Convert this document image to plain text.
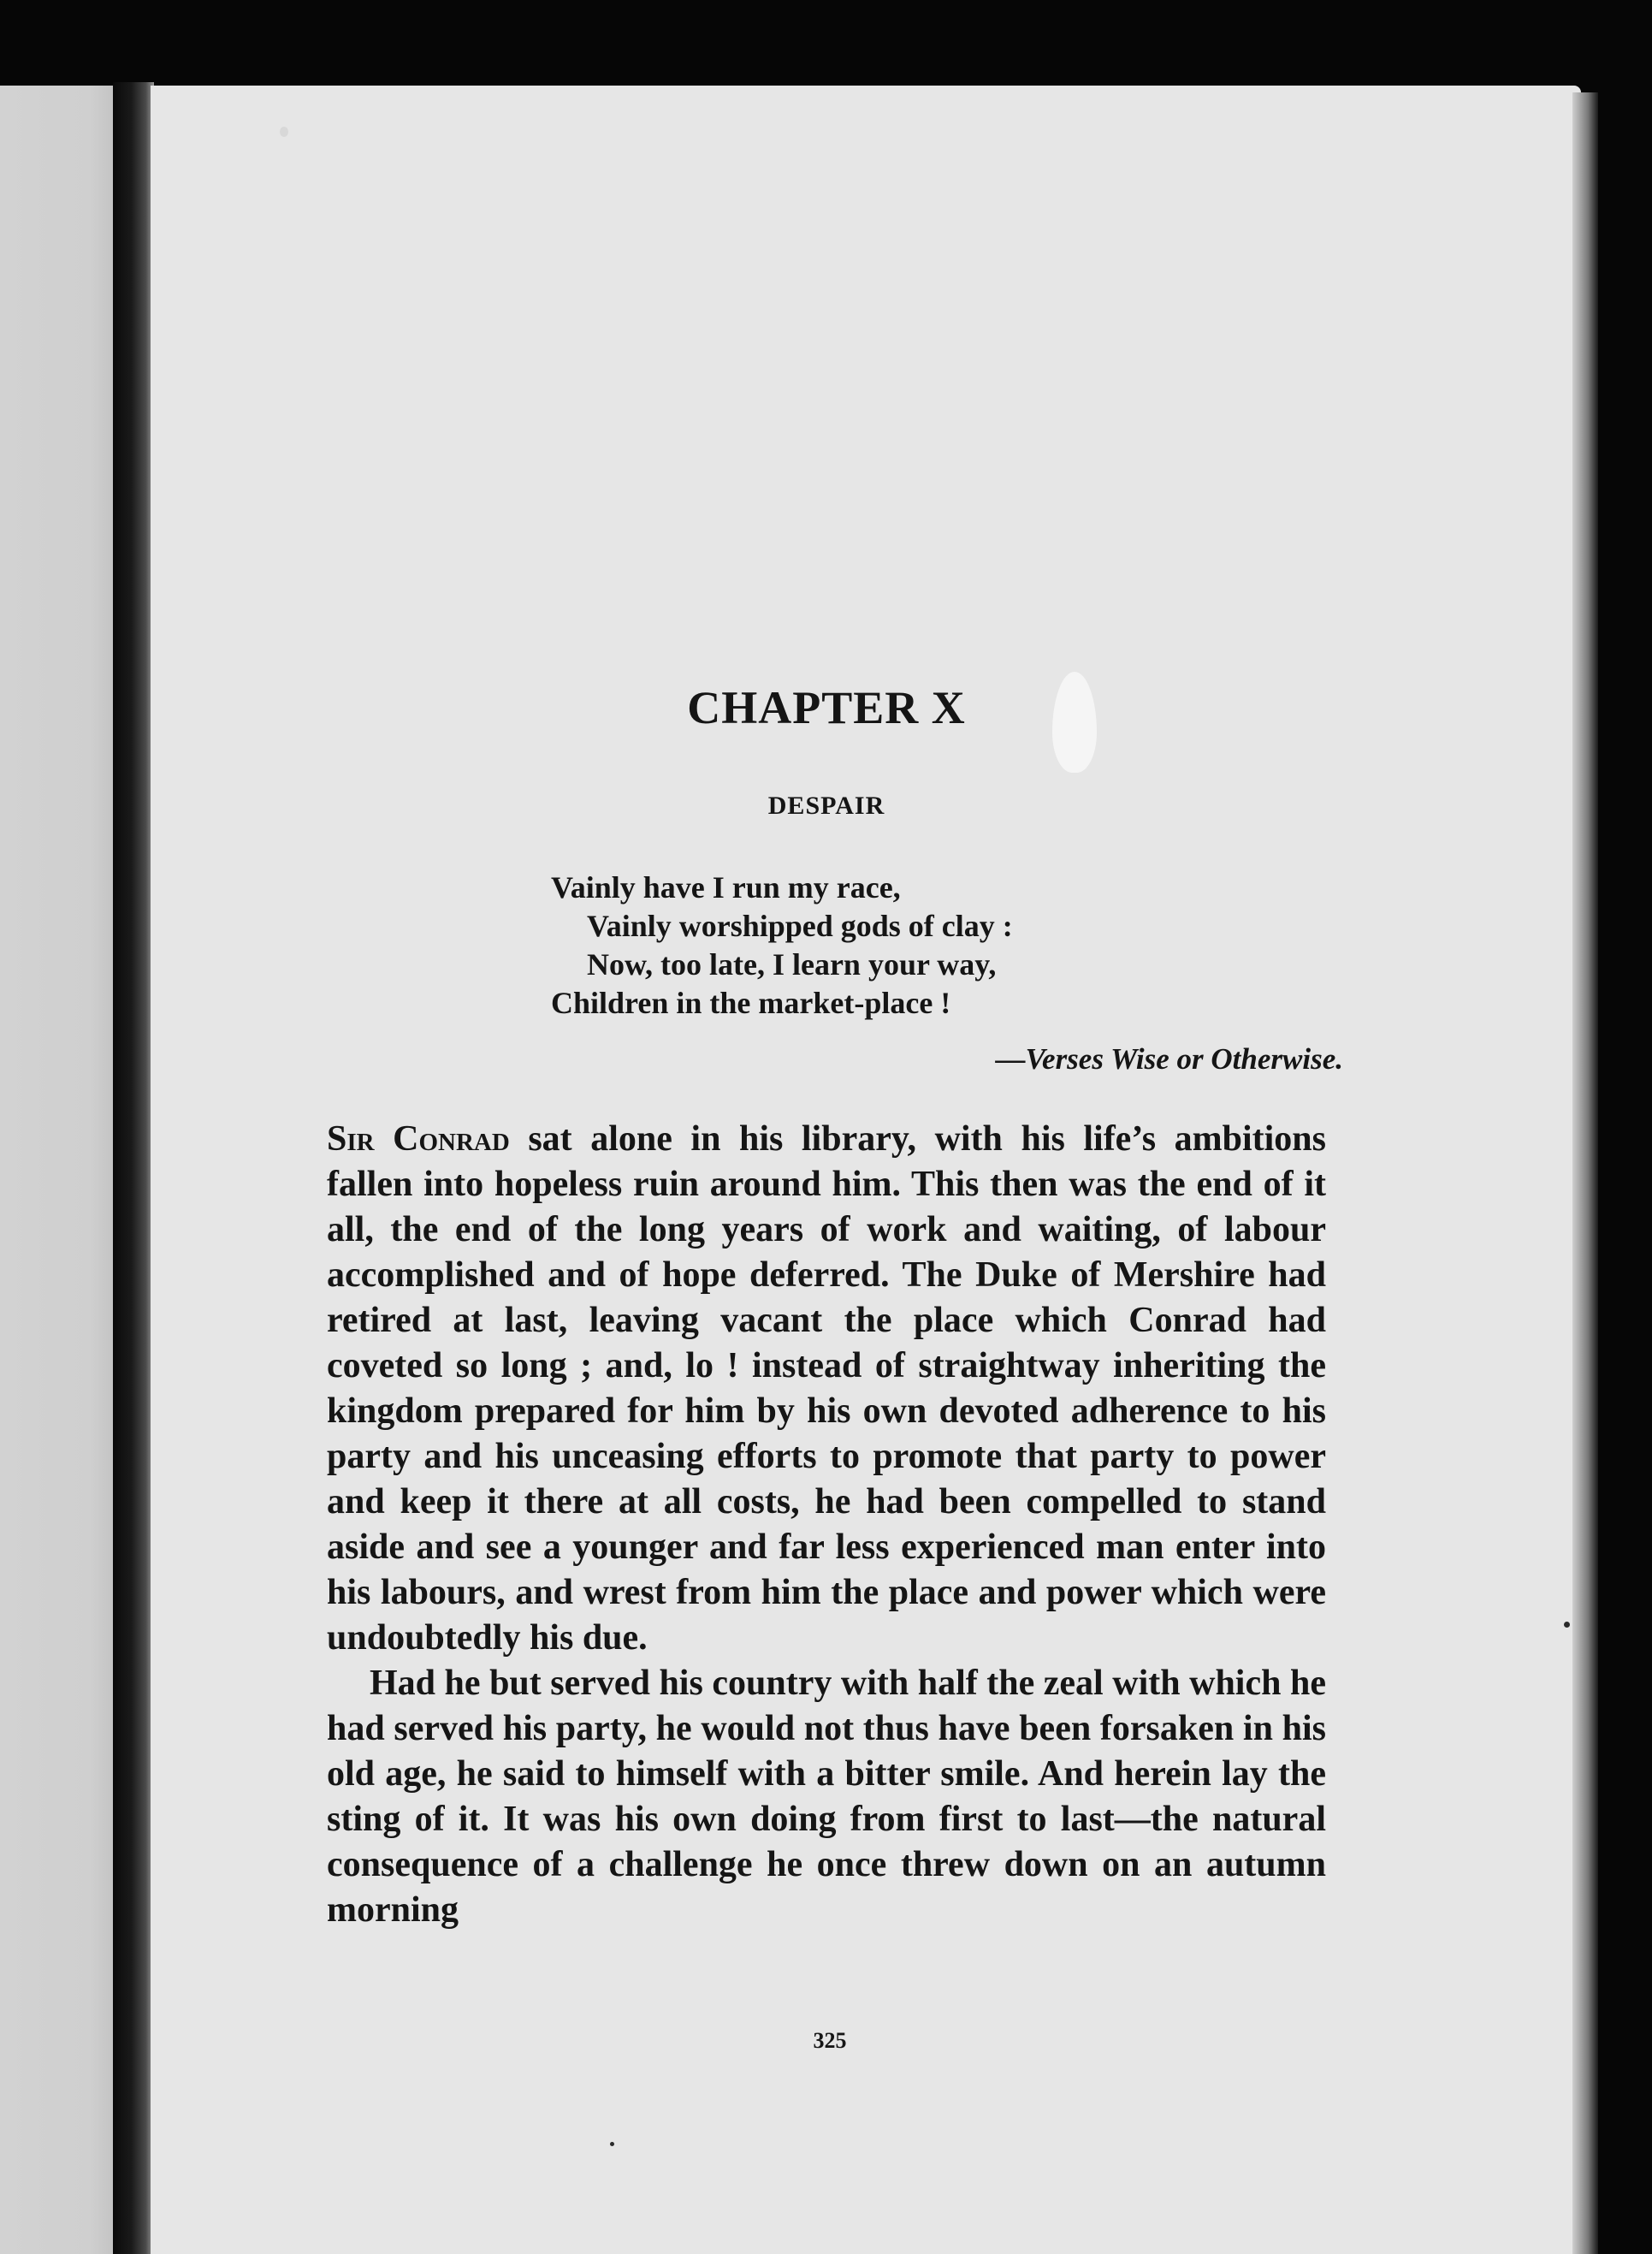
CHAPTER X
DESPAIR
Vainly have I run my race,
Vainly worshipped gods of clay :
Now, too late, I learn your way,
Children in the market-place !
—Verses Wise or Otherwise.

Sir Conrad sat alone in his library, with his life’s ambitions fallen into hopeless ruin around him. This then was the end of it all, the end of the long years of work and waiting, of labour accomplished and of hope deferred. The Duke of Mershire had retired at last, leaving vacant the place which Conrad had coveted so long ; and, lo ! instead of straightway inheriting the kingdom prepared for him by his own devoted adherence to his party and his unceasing efforts to promote that party to power and keep it there at all costs, he had been compelled to stand aside and see a younger and far less experienced man enter into his labours, and wrest from him the place and power which were undoubtedly his due.

Had he but served his country with half the zeal with which he had served his party, he would not thus have been forsaken in his old age, he said to himself with a bitter smile. And herein lay the sting of it. It was his own doing from first to last—the natural consequence of a challenge he once threw down on an autumn morning

325
